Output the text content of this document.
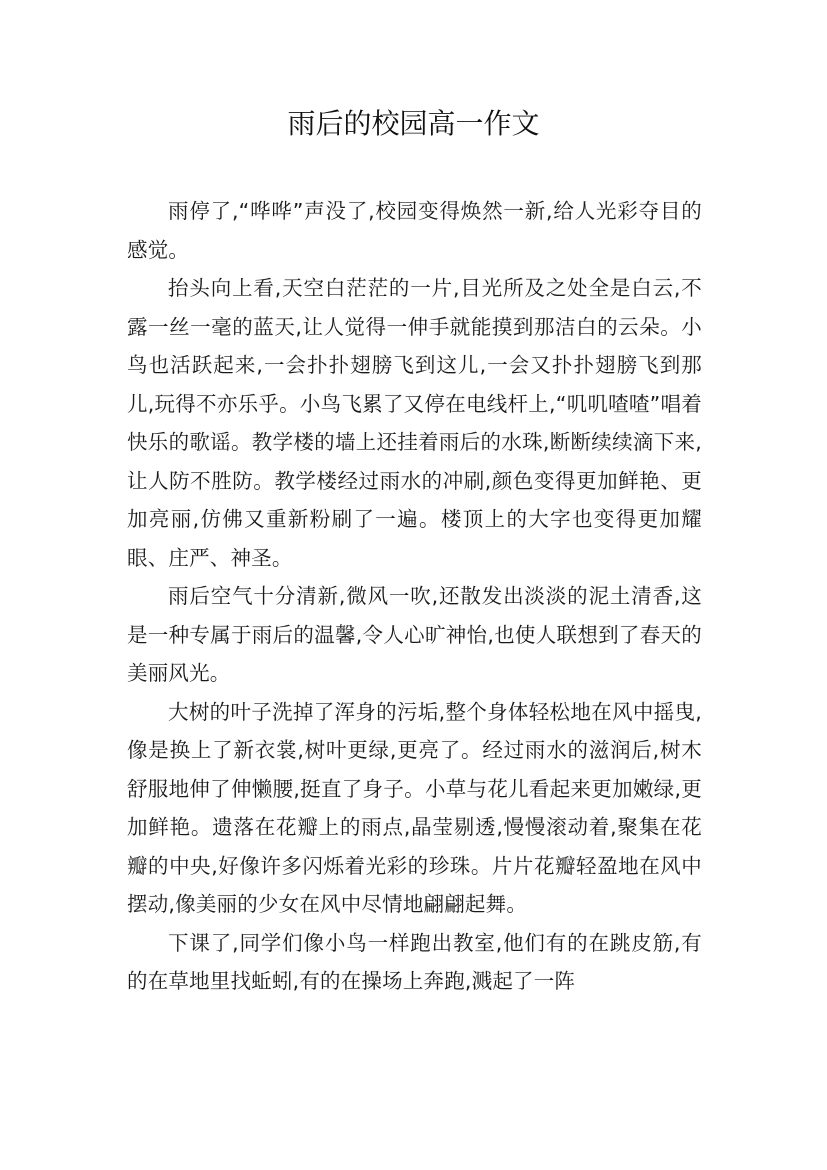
雨后的校园高一作文

雨停了,“哗哗”声没了,校园变得焕然一新,给人光彩夺目的感觉。

抬头向上看,天空白茫茫的一片,目光所及之处全是白云,不露一丝一毫的蓝天,让人觉得一伸手就能摸到那洁白的云朵。小鸟也活跃起来,一会扑扑翅膀飞到这儿,一会又扑扑翅膀飞到那儿,玩得不亦乐乎。小鸟飞累了又停在电线杆上,“叽叽喳喳”唱着快乐的歌谣。教学楼的墙上还挂着雨后的水珠,断断续续滴下来,让人防不胜防。教学楼经过雨水的冲刷,颜色变得更加鲜艳、更加亮丽,仿佛又重新粉刷了一遍。楼顶上的大字也变得更加耀眼、庄严、神圣。

雨后空气十分清新,微风一吹,还散发出淡淡的泥土清香,这是一种专属于雨后的温馨,令人心旷神怡,也使人联想到了春天的美丽风光。

大树的叶子洗掉了浑身的污垢,整个身体轻松地在风中摇曳,像是换上了新衣裳,树叶更绿,更亮了。经过雨水的滋润后,树木舒服地伸了伸懒腰,挺直了身子。小草与花儿看起来更加嫩绿,更加鲜艳。遗落在花瓣上的雨点,晶莹剔透,慢慢滚动着,聚集在花瓣的中央,好像许多闪烁着光彩的珍珠。片片花瓣轻盈地在风中摆动,像美丽的少女在风中尽情地翩翩起舞。

下课了,同学们像小鸟一样跑出教室,他们有的在跳皮筋,有的在草地里找蚯蚓,有的在操场上奔跑,溅起了一阵
